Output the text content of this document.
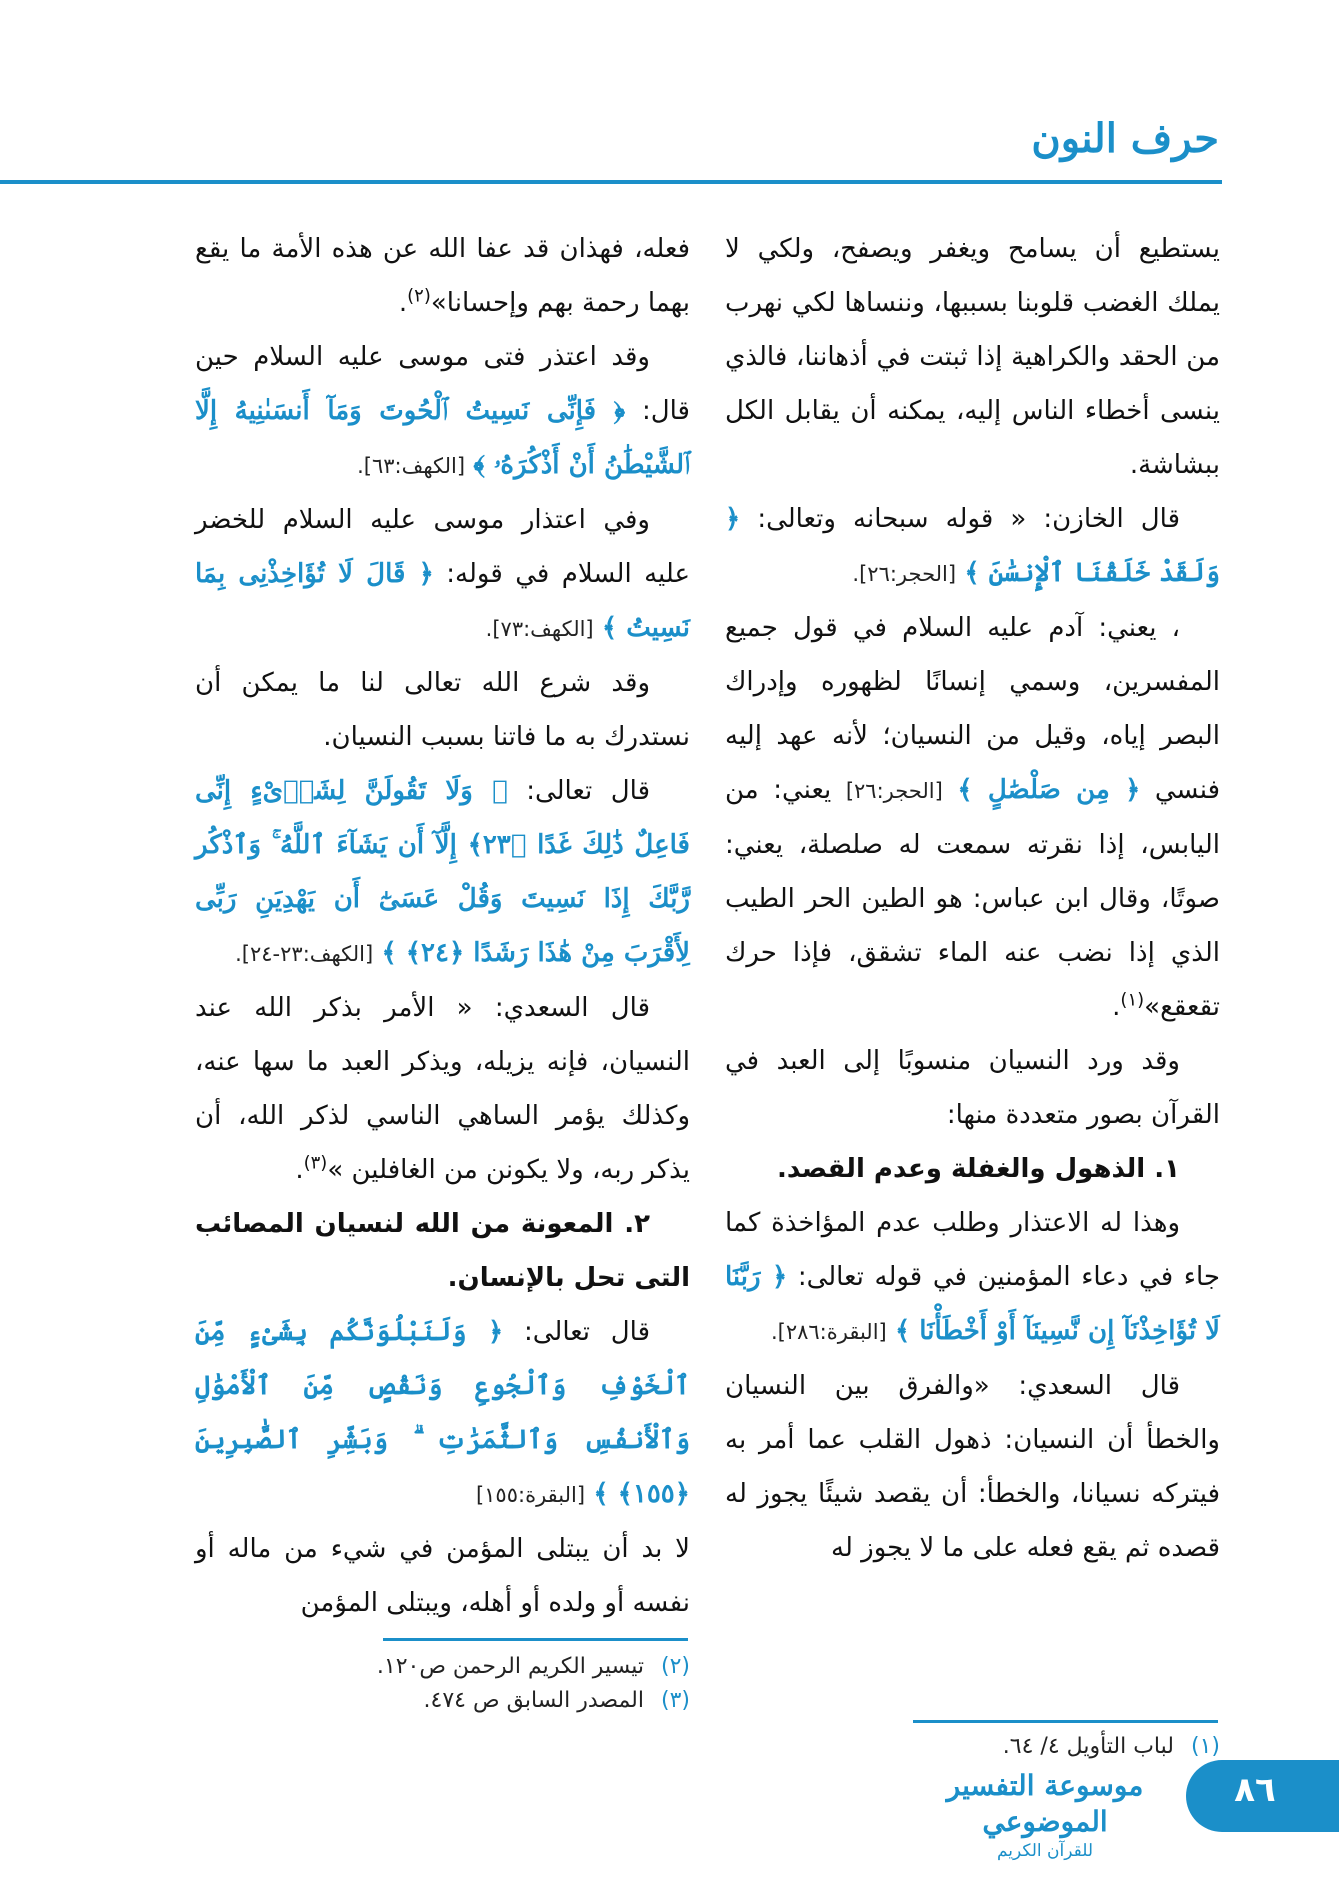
حرف النون

يستطيع أن يسامح ويغفر ويصفح، ولكي لا يملك الغضب قلوبنا بسببها، وننساها لكي نهرب من الحقد والكراهية إذا ثبتت في أذهاننا، فالذي ينسى أخطاء الناس إليه، يمكنه أن يقابل الكل ببشاشة.

قال الخازن: « قوله سبحانه وتعالى: ﴿ وَلَقَدْ خَلَقْنَا ٱلْإِنسَٰنَ ﴾ [الحجر:٢٦].

، يعني: آدم عليه السلام في قول جميع المفسرين، وسمي إنسانًا لظهوره وإدراك البصر إياه، وقيل من النسيان؛ لأنه عهد إليه فنسي ﴿ مِن صَلْصَٰلٍ ﴾ [الحجر:٢٦] يعني: من اليابس، إذا نقرته سمعت له صلصلة، يعني: صوتًا، وقال ابن عباس: هو الطين الحر الطيب الذي إذا نضب عنه الماء تشقق، فإذا حرك تقعقع»$^{(١)}$.

وقد ورد النسيان منسوبًا إلى العبد في القرآن بصور متعددة منها:

١. الذهول والغفلة وعدم القصد.

وهذا له الاعتذار وطلب عدم المؤاخذة كما جاء في دعاء المؤمنين في قوله تعالى: ﴿ رَبَّنَا لَا تُؤَاخِذْنَآ إِن نَّسِينَآ أَوْ أَخْطَأْنَا ﴾ [البقرة:٢٨٦].

قال السعدي: «والفرق بين النسيان والخطأ أن النسيان: ذهول القلب عما أمر به فيتركه نسيانا، والخطأ: أن يقصد شيئًا يجوز له قصده ثم يقع فعله على ما لا يجوز له

فعله، فهذان قد عفا الله عن هذه الأمة ما يقع بهما رحمة بهم وإحسانا»$^{(٢)}$.

وقد اعتذر فتى موسى عليه السلام حين قال: ﴿ فَإِنِّى نَسِيتُ ٱلْحُوتَ وَمَآ أَنسَىٰنِيهُ إِلَّا ٱلشَّيْطَٰنُ أَنْ أَذْكُرَهُۥ ﴾ [الكهف:٦٣].

وفي اعتذار موسى عليه السلام للخضر عليه السلام في قوله: ﴿ قَالَ لَا تُؤَاخِذْنِى بِمَا نَسِيتُ ﴾ [الكهف:٧٣].

وقد شرع الله تعالى لنا ما يمكن أن نستدرك به ما فاتنا بسبب النسيان.

قال تعالى: ﴿ وَلَا تَقُولَنَّ لِشَا۟ىْءٍ إِنِّى فَاعِلٌ ذَٰلِكَ غَدًا ﴿٢٣﴾ إِلَّآ أَن يَشَآءَ ٱللَّهُ ۚ وَٱذْكُر رَّبَّكَ إِذَا نَسِيتَ وَقُلْ عَسَىٰٓ أَن يَهْدِيَنِ رَبِّى لِأَقْرَبَ مِنْ هَٰذَا رَشَدًا ﴿٢٤﴾ ﴾ [الكهف:٢٣-٢٤].

قال السعدي: « الأمر بذكر الله عند النسيان، فإنه يزيله، ويذكر العبد ما سها عنه، وكذلك يؤمر الساهي الناسي لذكر الله، أن يذكر ربه، ولا يكونن من الغافلين »$^{(٣)}$.

٢. المعونة من الله لنسيان المصائب التى تحل بالإنسان.

قال تعالى: ﴿ وَلَنَبْلُوَنَّكُم بِشَىْءٍ مِّنَ ٱلْخَوْفِ وَٱلْجُوعِ وَنَقْصٍ مِّنَ ٱلْأَمْوَٰلِ وَٱلْأَنفُسِ وَٱلثَّمَرَٰتِ ۗ وَبَشِّرِ ٱلصَّٰبِرِينَ ﴿١٥٥﴾ ﴾ [البقرة:١٥٥]

لا بد أن يبتلى المؤمن في شيء من ماله أو نفسه أو ولده أو أهله، ويبتلى المؤمن

(١) لباب التأويل ٤/ ٦٤.

(٢) تيسير الكريم الرحمن ص١٢٠.

(٣) المصدر السابق ص ٤٧٤.

موسوعة التفسير الموضوعي
للقرآن الكريم
٨٦
